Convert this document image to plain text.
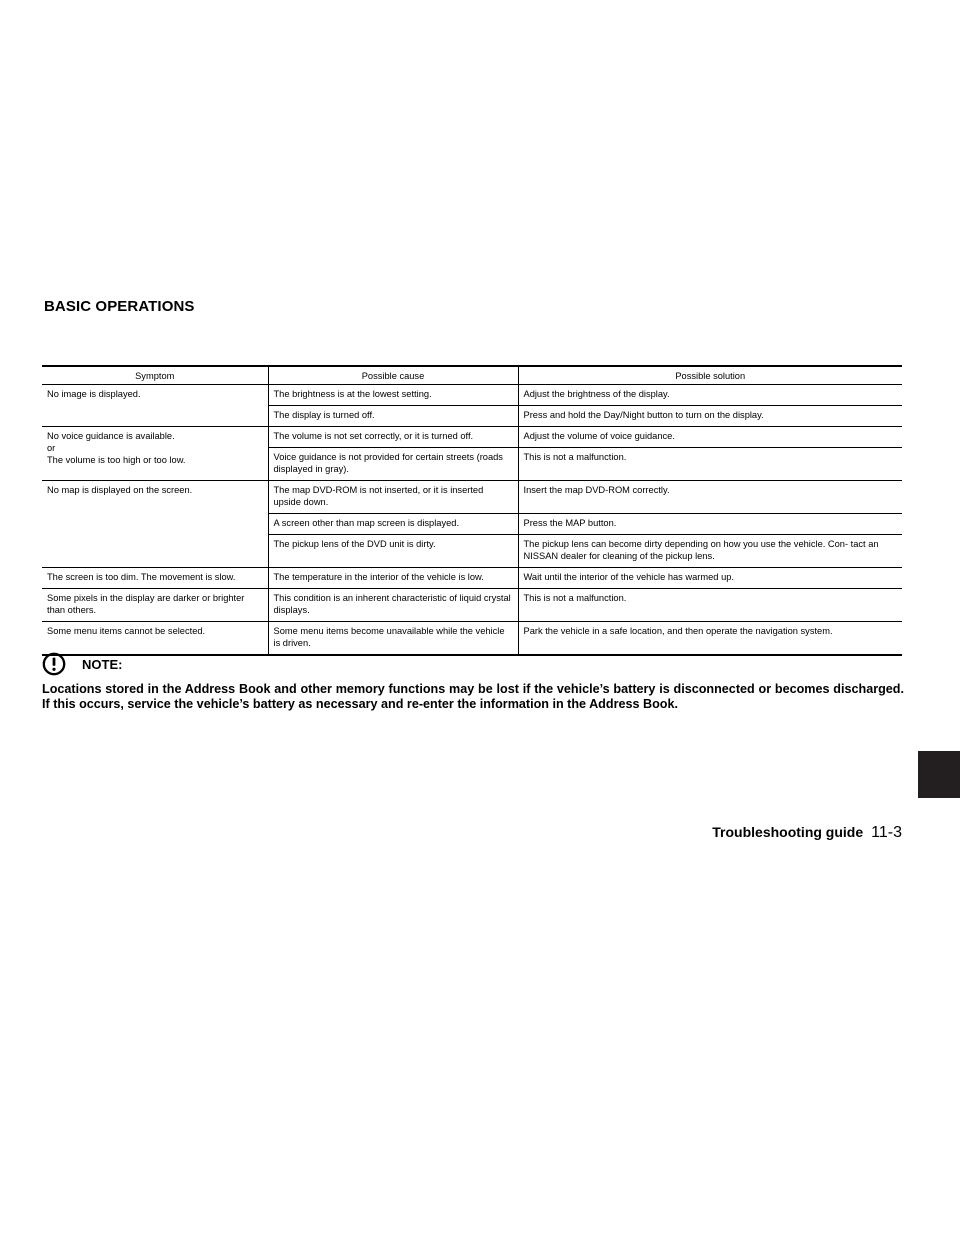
BASIC OPERATIONS
Symptom	Possible cause	Possible solution
No image is displayed.	The brightness is at the lowest setting.	Adjust the brightness of the display.
	The display is turned off.	Press and hold the Day/Night button to turn on the display.
No voice guidance is available.
or
The volume is too high or too low.	The volume is not set correctly, or it is turned off.	Adjust the volume of voice guidance.
	Voice guidance is not provided for certain streets (roads displayed in gray).	This is not a malfunction.
No map is displayed on the screen.	The map DVD-ROM is not inserted, or it is inserted upside down.	Insert the map DVD-ROM correctly.
	A screen other than map screen is displayed.	Press the MAP button.
	The pickup lens of the DVD unit is dirty.	The pickup lens can become dirty depending on how you use the vehicle. Con- tact an NISSAN dealer for cleaning of the pickup lens.
The screen is too dim. The movement is slow.	The temperature in the interior of the vehicle is low.	Wait until the interior of the vehicle has warmed up.
Some pixels in the display are darker or brighter than others.	This condition is an inherent characteristic of liquid crystal displays.	This is not a malfunction.
Some menu items cannot be selected.	Some menu items become unavailable while the vehicle is driven.	Park the vehicle in a safe location, and then operate the navigation system.
NOTE:

Locations stored in the Address Book and other memory functions may be lost if the vehicle’s battery is disconnected or becomes discharged. If this occurs, service the vehicle’s battery as necessary and re-enter the information in the Address Book.

Troubleshooting guide 11-3
